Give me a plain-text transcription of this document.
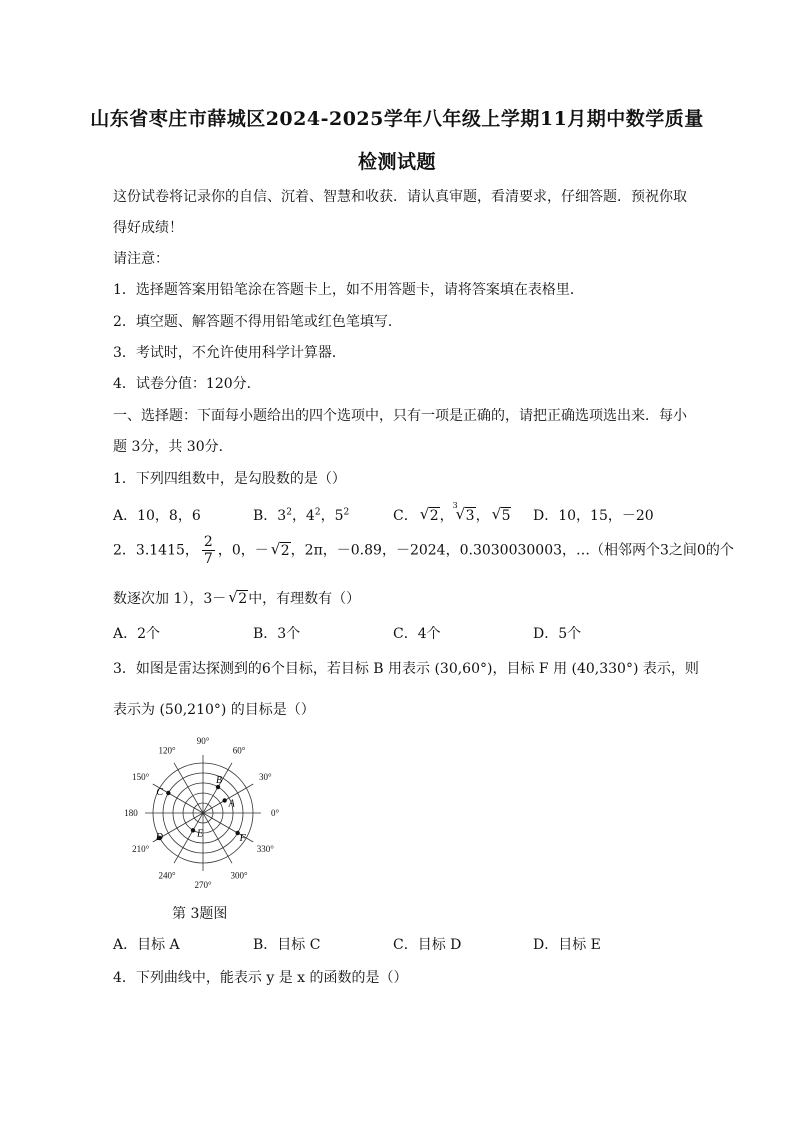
山东省枣庄市薛城区2024-2025学年八年级上学期11月期中数学质量
检测试题
这份试卷将记录你的自信、沉着、智慧和收获．请认真审题，看清要求，仔细答题．预祝你取
得好成绩！
请注意：
1．选择题答案用铅笔涂在答题卡上，如不用答题卡，请将答案填在表格里．
2．填空题、解答题不得用铅笔或红色笔填写．
3．考试时，不允许使用科学计算器．
4．试卷分值：120分．
一、选择题：下面每小题给出的四个选项中，只有一项是正确的，请把正确选项选出来．每小
题 3分，共 30分．
1．下列四组数中，是勾股数的是（）
A．10，8，6	B．$3^2$，$4^2$，$5^2$	C． √ 2，
3
√ 3， √ 5 D．10，15，－20
2．3.1415， $\frac{2}{7}$ ，0，－ √ 2，2π，－0.89，－2024，0.3030030003，…（相邻两个3之间0的个
数逐次加 1），3－ √ 2中，有理数有（）
A．2个	B．3个	C．4个	D．5个
3．如图是雷达探测到的6个目标，若目标 B 用表示 (30,60°)，目标 F 用 (40,330°) 表示，则
表示为 (50,210°) 的目标是（）
0°
30°
60°
90°
120°
150°
180
210°
240°
270°
300°
330°
A
B
C
D	E	F
第 3题图
A．目标 A	B．目标 C	C．目标 D	D．目标 E
4．下列曲线中，能表示 y 是 x 的函数的是（）
